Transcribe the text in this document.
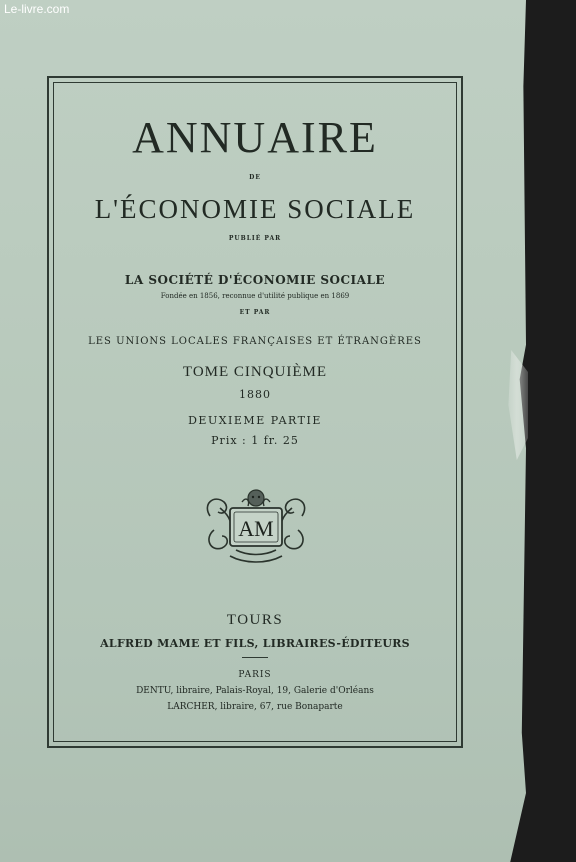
Le-livre.com
ANNUAIRE
DE
L'ÉCONOMIE SOCIALE
PUBLIÉ PAR
LA SOCIÉTÉ D'ÉCONOMIE SOCIALE
Fondée en 1856, reconnue d'utilité publique en 1869
ET PAR
LES UNIONS LOCALES FRANÇAISES ET ÉTRANGÈRES
TOME CINQUIÈME
1880
DEUXIEME PARTIE
Prix : 1 fr. 25
AM
TOURS
ALFRED MAME ET FILS, LIBRAIRES-ÉDITEURS
PARIS
DENTU, libraire, Palais-Royal, 19, Galerie d'Orléans
LARCHER, libraire, 67, rue Bonaparte
